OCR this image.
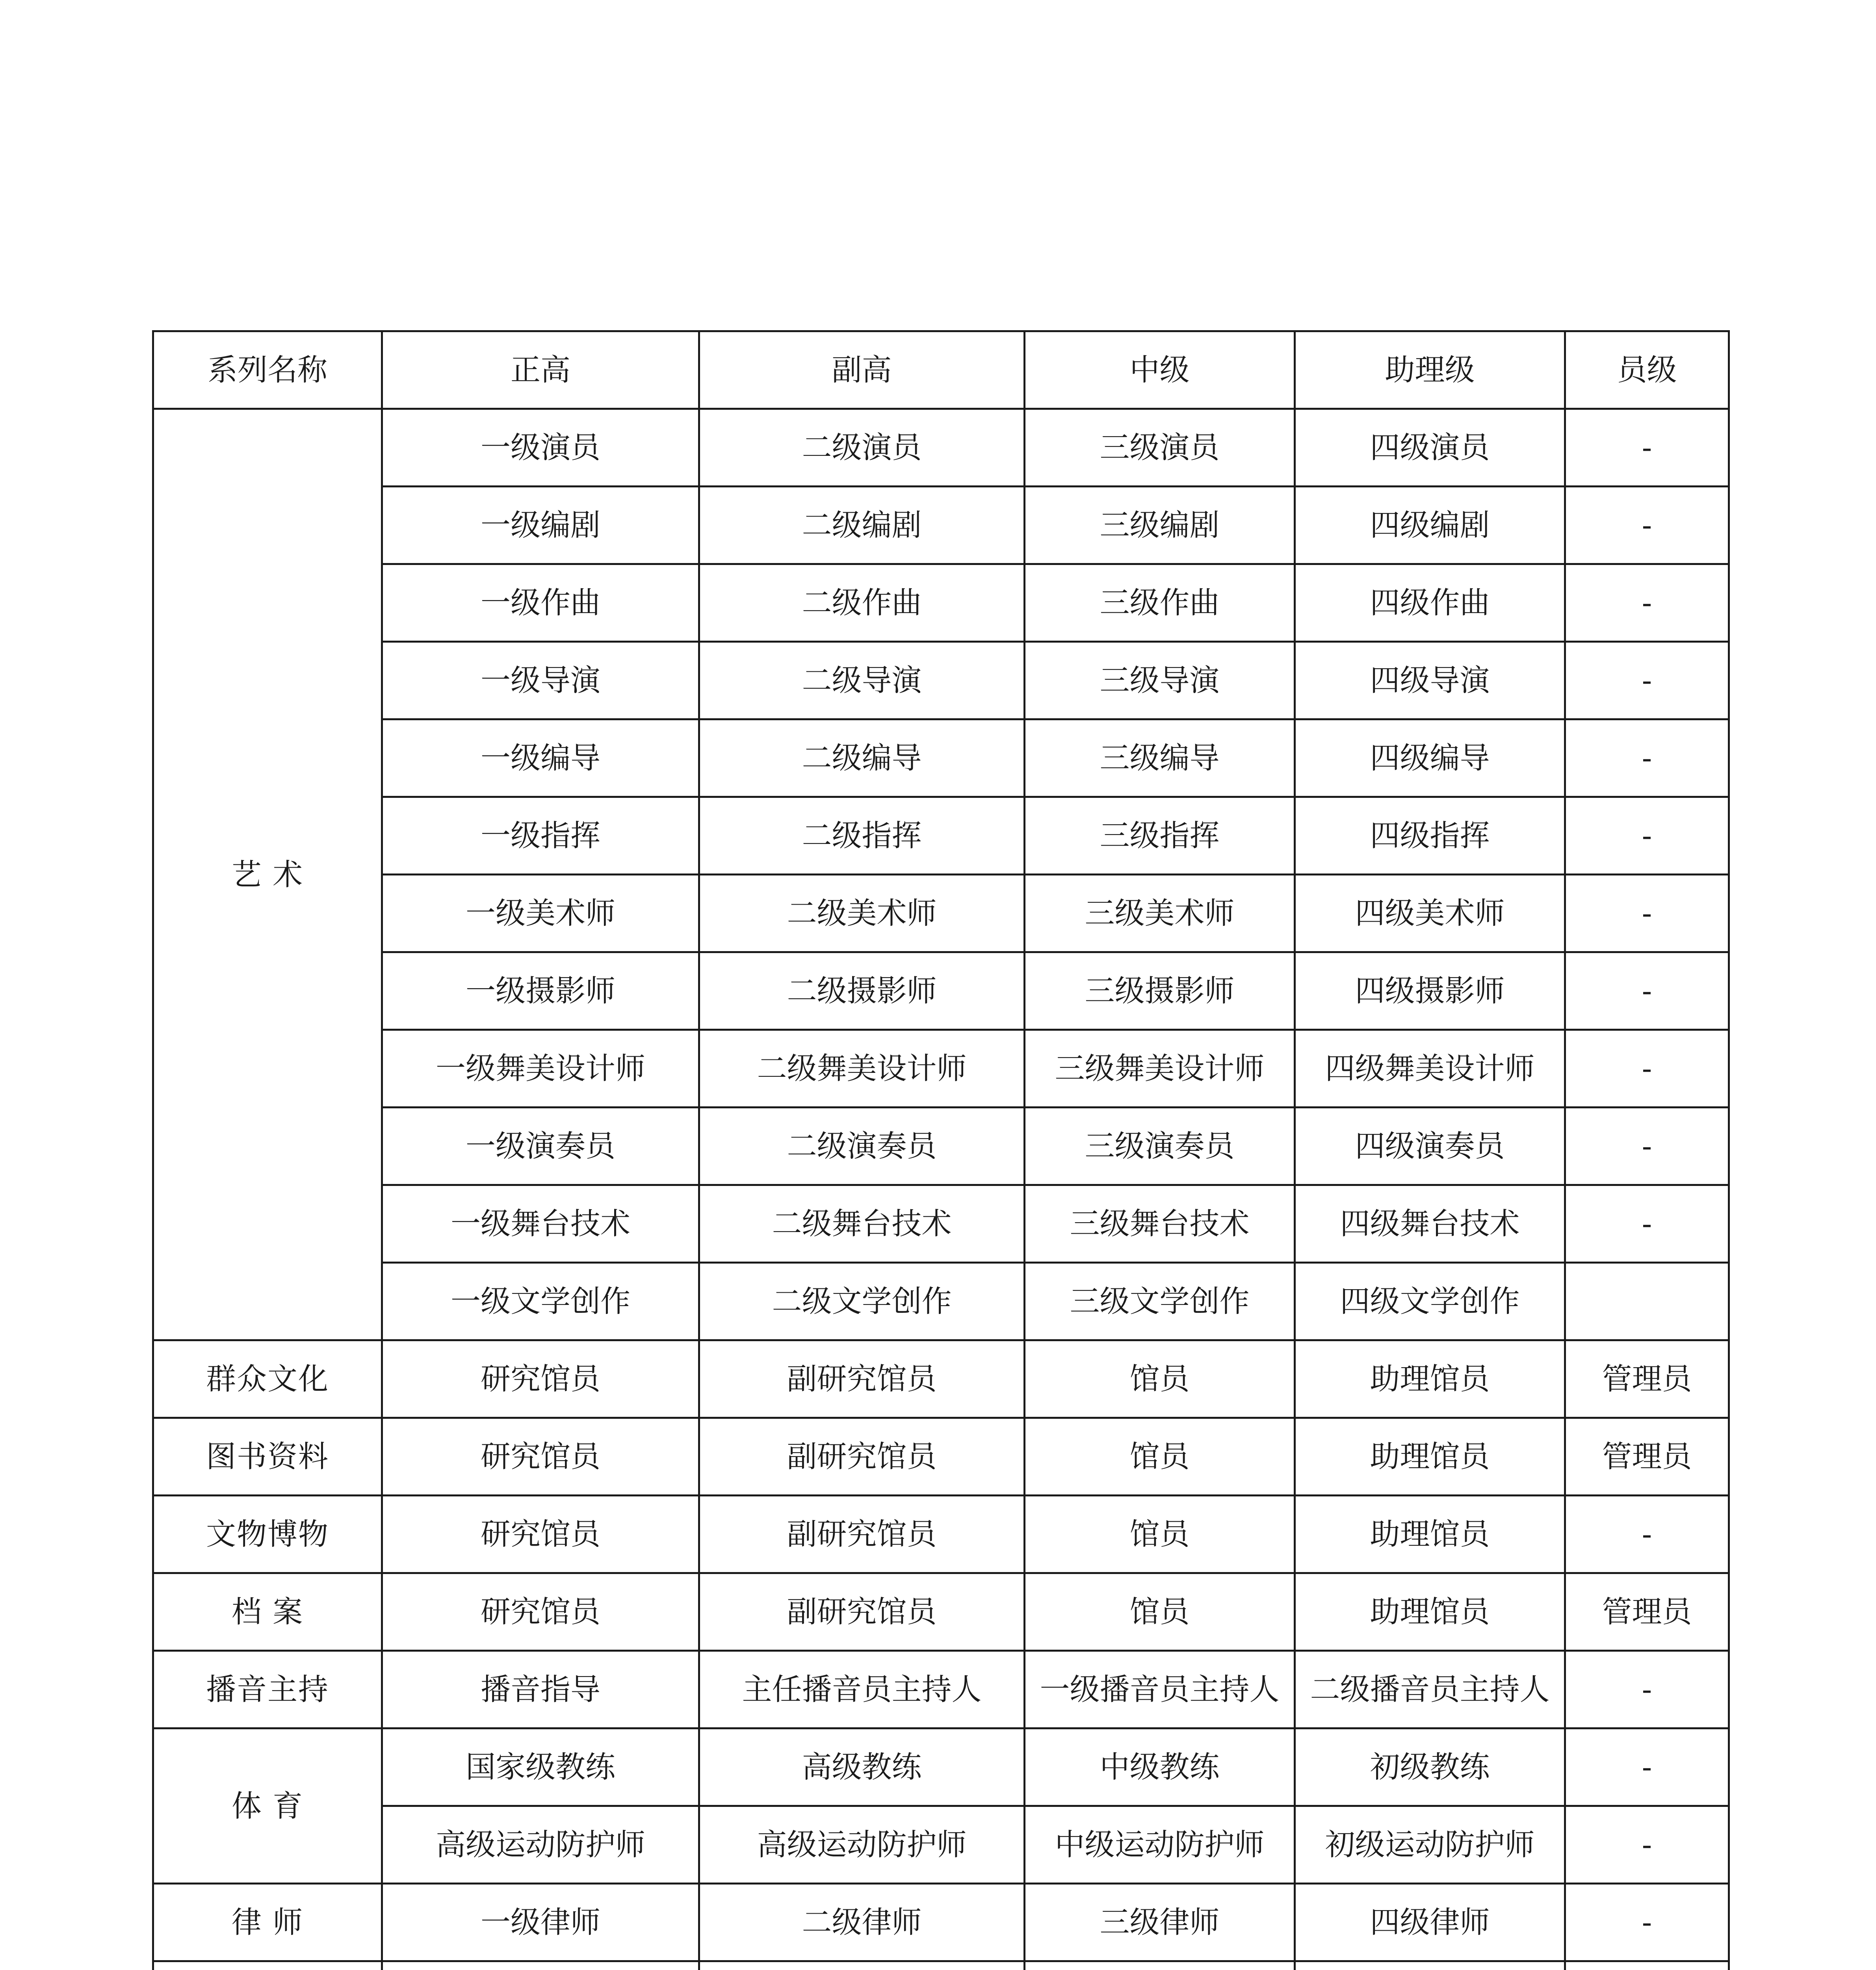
系列名称	正高	副高	中级	助理级	员级
艺 术	一级演员	二级演员	三级演员	四级演员	-
	一级编剧	二级编剧	三级编剧	四级编剧	-
	一级作曲	二级作曲	三级作曲	四级作曲	-
	一级导演	二级导演	三级导演	四级导演	-
	一级编导	二级编导	三级编导	四级编导	-
	一级指挥	二级指挥	三级指挥	四级指挥	-
	一级美术师	二级美术师	三级美术师	四级美术师	-
	一级摄影师	二级摄影师	三级摄影师	四级摄影师	-
	一级舞美设计师	二级舞美设计师	三级舞美设计师	四级舞美设计师	-
	一级演奏员	二级演奏员	三级演奏员	四级演奏员	-
	一级舞台技术	二级舞台技术	三级舞台技术	四级舞台技术	-
	一级文学创作	二级文学创作	三级文学创作	四级文学创作	
群众文化	研究馆员	副研究馆员	馆员	助理馆员	管理员
图书资料	研究馆员	副研究馆员	馆员	助理馆员	管理员
文物博物	研究馆员	副研究馆员	馆员	助理馆员	-
档 案	研究馆员	副研究馆员	馆员	助理馆员	管理员
播音主持	播音指导	主任播音员主持人	一级播音员主持人	二级播音员主持人	-
体 育	国家级教练	高级教练	中级教练	初级教练	-
	高级运动防护师	高级运动防护师	中级运动防护师	初级运动防护师	-
律 师	一级律师	二级律师	三级律师	四级律师	-
